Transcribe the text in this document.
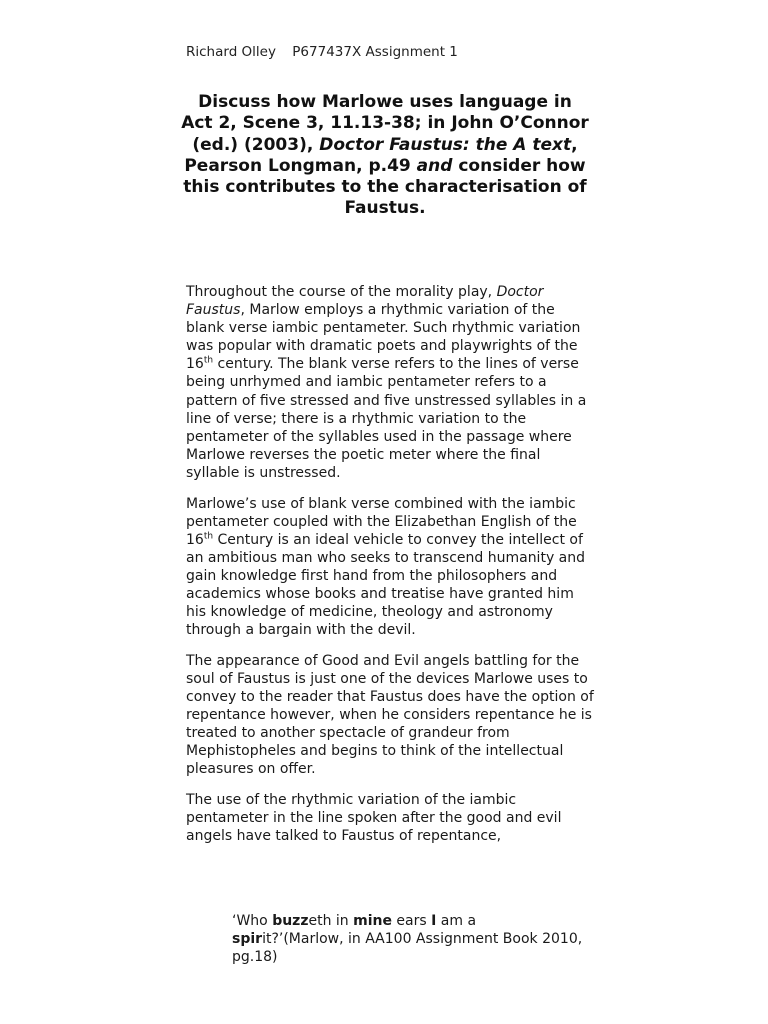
Richard Olley P677437X Assignment 1
Discuss how Marlowe uses language in Act 2, Scene 3, 11.13-38; in John O’Connor (ed.) (2003), Doctor Faustus: the A text, Pearson Longman, p.49 and consider how this contributes to the characterisation of Faustus.

Throughout the course of the morality play, Doctor Faustus, Marlow employs a rhythmic variation of the blank verse iambic pentameter. Such rhythmic variation was popular with dramatic poets and playwrights of the 16th century. The blank verse refers to the lines of verse being unrhymed and iambic pentameter refers to a pattern of five stressed and five unstressed syllables in a line of verse; there is a rhythmic variation to the pentameter of the syllables used in the passage where Marlowe reverses the poetic meter where the final syllable is unstressed.

Marlowe’s use of blank verse combined with the iambic pentameter coupled with the Elizabethan English of the 16th Century is an ideal vehicle to convey the intellect of an ambitious man who seeks to transcend humanity and gain knowledge first hand from the philosophers and academics whose books and treatise have granted him his knowledge of medicine, theology and astronomy through a bargain with the devil.

The appearance of Good and Evil angels battling for the soul of Faustus is just one of the devices Marlowe uses to convey to the reader that Faustus does have the option of repentance however, when he considers repentance he is treated to another spectacle of grandeur from Mephistopheles and begins to think of the intellectual pleasures on offer.

The use of the rhythmic variation of the iambic pentameter in the line spoken after the good and evil angels have talked to Faustus of repentance,

‘Who buzzeth in mine ears I am a spirit?’(Marlow, in AA100 Assignment Book 2010, pg.18)
